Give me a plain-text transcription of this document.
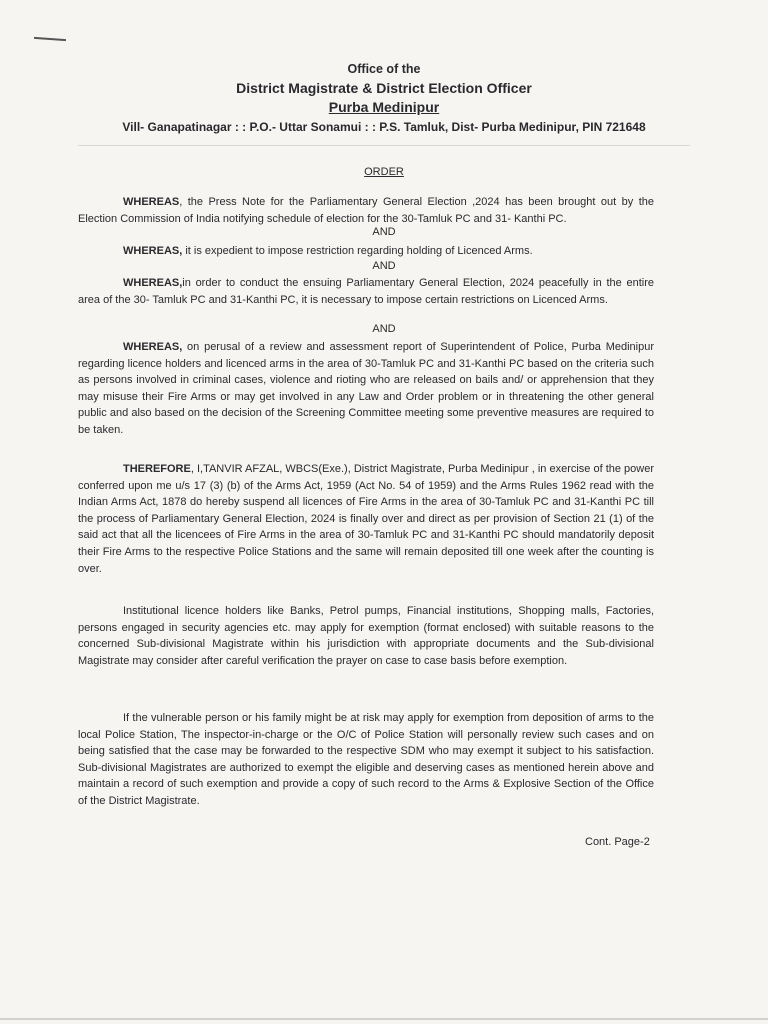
Office of the

District Magistrate & District Election Officer

Purba Medinipur

Vill- Ganapatinagar : : P.O.- Uttar Sonamui : : P.S. Tamluk, Dist- Purba Medinipur, PIN 721648

ORDER

WHEREAS, the Press Note for the Parliamentary General Election ,2024 has been brought out by the Election Commission of India notifying schedule of election for the 30-Tamluk PC and 31- Kanthi PC.

AND

WHEREAS, it is expedient to impose restriction regarding holding of Licenced Arms.

AND

WHEREAS,in order to conduct the ensuing Parliamentary General Election, 2024 peacefully in the entire area of the 30- Tamluk PC and 31-Kanthi PC, it is necessary to impose certain restrictions on Licenced Arms.

AND

WHEREAS, on perusal of a review and assessment report of Superintendent of Police, Purba Medinipur regarding licence holders and licenced arms in the area of 30-Tamluk PC and 31-Kanthi PC based on the criteria such as persons involved in criminal cases, violence and rioting who are released on bails and/ or apprehension that they may misuse their Fire Arms or may get involved in any Law and Order problem or in threatening the other general public and also based on the decision of the Screening Committee meeting some preventive measures are required to be taken.

THEREFORE, I,TANVIR AFZAL, WBCS(Exe.), District Magistrate, Purba Medinipur , in exercise of the power conferred upon me u/s 17 (3) (b) of the Arms Act, 1959 (Act No. 54 of 1959) and the Arms Rules 1962 read with the Indian Arms Act, 1878 do hereby suspend all licences of Fire Arms in the area of 30-Tamluk PC and 31-Kanthi PC till the process of Parliamentary General Election, 2024 is finally over and direct as per provision of Section 21 (1) of the said act that all the licencees of Fire Arms in the area of 30-Tamluk PC and 31-Kanthi PC should mandatorily deposit their Fire Arms to the respective Police Stations and the same will remain deposited till one week after the counting is over.

Institutional licence holders like Banks, Petrol pumps, Financial institutions, Shopping malls, Factories, persons engaged in security agencies etc. may apply for exemption (format enclosed) with suitable reasons to the concerned Sub-divisional Magistrate within his jurisdiction with appropriate documents and the Sub-divisional Magistrate may consider after careful verification the prayer on case to case basis before exemption.

If the vulnerable person or his family might be at risk may apply for exemption from deposition of arms to the local Police Station, The inspector-in-charge or the O/C of Police Station will personally review such cases and on being satisfied that the case may be forwarded to the respective SDM who may exempt it subject to his satisfaction. Sub-divisional Magistrates are authorized to exempt the eligible and deserving cases as mentioned herein above and maintain a record of such exemption and provide a copy of such record to the Arms & Explosive Section of the Office of the District Magistrate.

Cont. Page-2
